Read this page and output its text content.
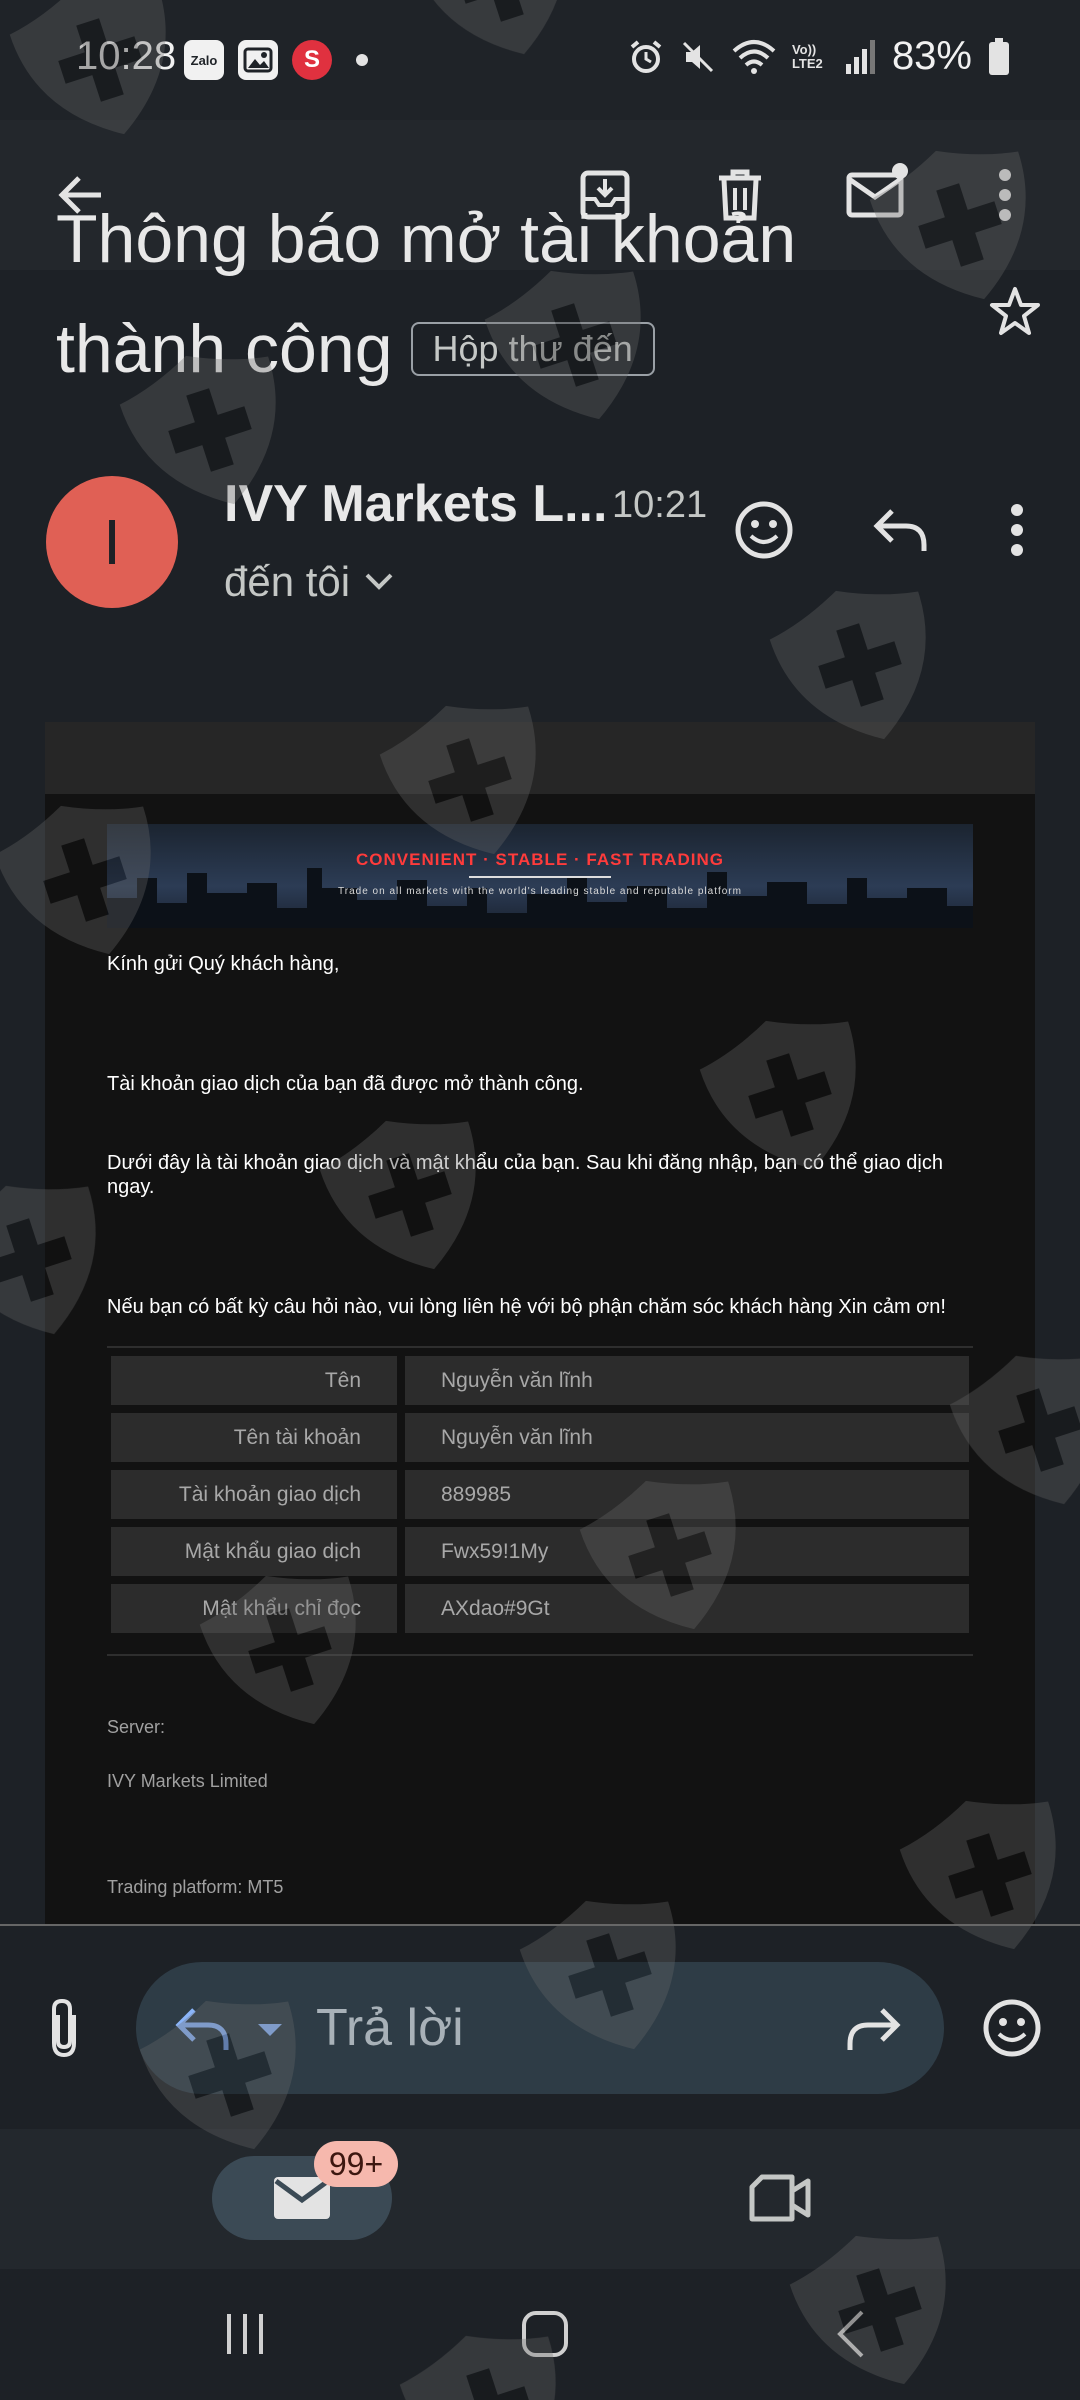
10:28	Zalo	S	Vo)) LTE2 83%
Thông báo mở tài khoản
thành công	Hộp thư đến
I
IVY Markets L... 10:21
đến tôi
CONVENIENT · STABLE · FAST TRADING
Trade on all markets with the world's leading stable and reputable platform
Kính gửi Quý khách hàng,
Tài khoản giao dịch của bạn đã được mở thành công.
Dưới đây là tài khoản giao dịch và mật khẩu của bạn. Sau khi đăng nhập, bạn có thể giao dịch ngay.
Nếu bạn có bất kỳ câu hỏi nào, vui lòng liên hệ với bộ phận chăm sóc khách hàng Xin cảm ơn!
Tên	Nguyễn văn lĩnh
Tên tài khoản	Nguyễn văn lĩnh
Tài khoản giao dịch	889985
Mật khẩu giao dịch	Fwx59!1My
Mật khẩu chỉ đọc	AXdao#9Gt
Server:
IVY Markets Limited
Trading platform: MT5
Trả lời
99+
